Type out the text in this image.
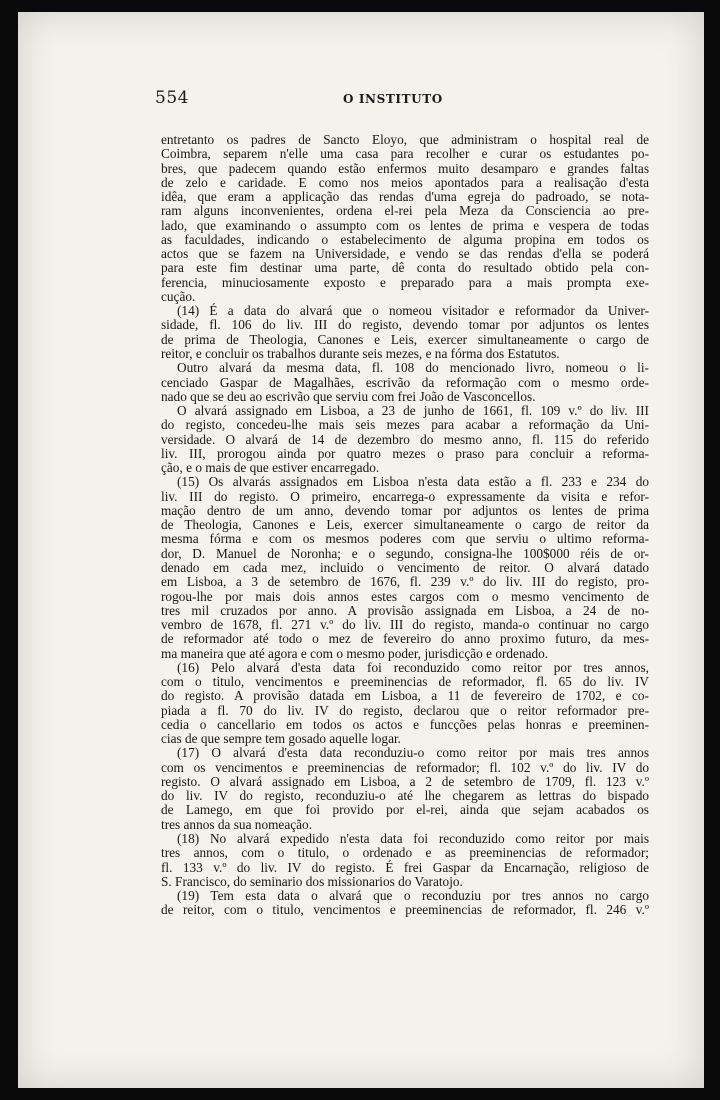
554	O INSTITUTO
entretanto os padres de Sancto Eloyo, que administram o hospital real de
Coimbra, separem n'elle uma casa para recolher e curar os estudantes po-
bres, que padecem quando estão enfermos muito desamparo e grandes faltas
de zelo e caridade. E como nos meios apontados para a realisação d'esta
idêa, que eram a applicação das rendas d'uma egreja do padroado, se nota-
ram alguns inconvenientes, ordena el-rei pela Meza da Consciencia ao pre-
lado, que examinando o assumpto com os lentes de prima e vespera de todas
as faculdades, indicando o estabelecimento de alguma propina em todos os
actos que se fazem na Universidade, e vendo se das rendas d'ella se poderá
para este fim destinar uma parte, dê conta do resultado obtido pela con-
ferencia, minuciosamente exposto e preparado para a mais prompta exe-
cução.
(14) É a data do alvará que o nomeou visitador e reformador da Univer-
sidade, fl. 106 do liv. III do registo, devendo tomar por adjuntos os lentes
de prima de Theologia, Canones e Leis, exercer simultaneamente o cargo de
reitor, e concluir os trabalhos durante seis mezes, e na fórma dos Estatutos.
Outro alvará da mesma data, fl. 108 do mencionado livro, nomeou o li-
cenciado Gaspar de Magalhães, escrivão da reformação com o mesmo orde-
nado que se deu ao escrivão que serviu com frei João de Vasconcellos.
O alvará assignado em Lisboa, a 23 de junho de 1661, fl. 109 v.º do liv. III
do registo, concedeu-lhe mais seis mezes para acabar a reformação da Uni-
versidade. O alvará de 14 de dezembro do mesmo anno, fl. 115 do referido
liv. III, prorogou ainda por quatro mezes o praso para concluir a reforma-
ção, e o mais de que estiver encarregado.
(15) Os alvarás assignados em Lisboa n'esta data estão a fl. 233 e 234 do
liv. III do registo. O primeiro, encarrega-o expressamente da visita e refor-
mação dentro de um anno, devendo tomar por adjuntos os lentes de prima
de Theologia, Canones e Leis, exercer simultaneamente o cargo de reitor da
mesma fórma e com os mesmos poderes com que serviu o ultimo reforma-
dor, D. Manuel de Noronha; e o segundo, consigna-lhe 100$000 réis de or-
denado em cada mez, incluido o vencimento de reitor. O alvará datado
em Lisboa, a 3 de setembro de 1676, fl. 239 v.º do liv. III do registo, pro-
rogou-lhe por mais dois annos estes cargos com o mesmo vencimento de
tres mil cruzados por anno. A provisão assignada em Lisboa, a 24 de no-
vembro de 1678, fl. 271 v.º do liv. III do registo, manda-o continuar no cargo
de reformador até todo o mez de fevereiro do anno proximo futuro, da mes-
ma maneira que até agora e com o mesmo poder, jurisdicção e ordenado.
(16) Pelo alvará d'esta data foi reconduzido como reitor por tres annos,
com o titulo, vencimentos e preeminencias de reformador, fl. 65 do liv. IV
do registo. A provisão datada em Lisboa, a 11 de fevereiro de 1702, e co-
piada a fl. 70 do liv. IV do registo, declarou que o reitor reformador pre-
cedia o cancellario em todos os actos e funcções pelas honras e preeminen-
cias de que sempre tem gosado aquelle logar.
(17) O alvará d'esta data reconduziu-o como reitor por mais tres annos
com os vencimentos e preeminencias de reformador; fl. 102 v.º do liv. IV do
registo. O alvará assignado em Lisboa, a 2 de setembro de 1709, fl. 123 v.º
do liv. IV do registo, reconduziu-o até lhe chegarem as lettras do bispado
de Lamego, em que foi provido por el-rei, ainda que sejam acabados os
tres annos da sua nomeação.
(18) No alvará expedido n'esta data foi reconduzido como reitor por mais
tres annos, com o titulo, o ordenado e as preeminencias de reformador;
fl. 133 v.º do liv. IV do registo. É frei Gaspar da Encarnação, religioso de
S. Francisco, do seminario dos missionarios do Varatojo.
(19) Tem esta data o alvará que o reconduziu por tres annos no cargo
de reitor, com o titulo, vencimentos e preeminencias de reformador, fl. 246 v.º
